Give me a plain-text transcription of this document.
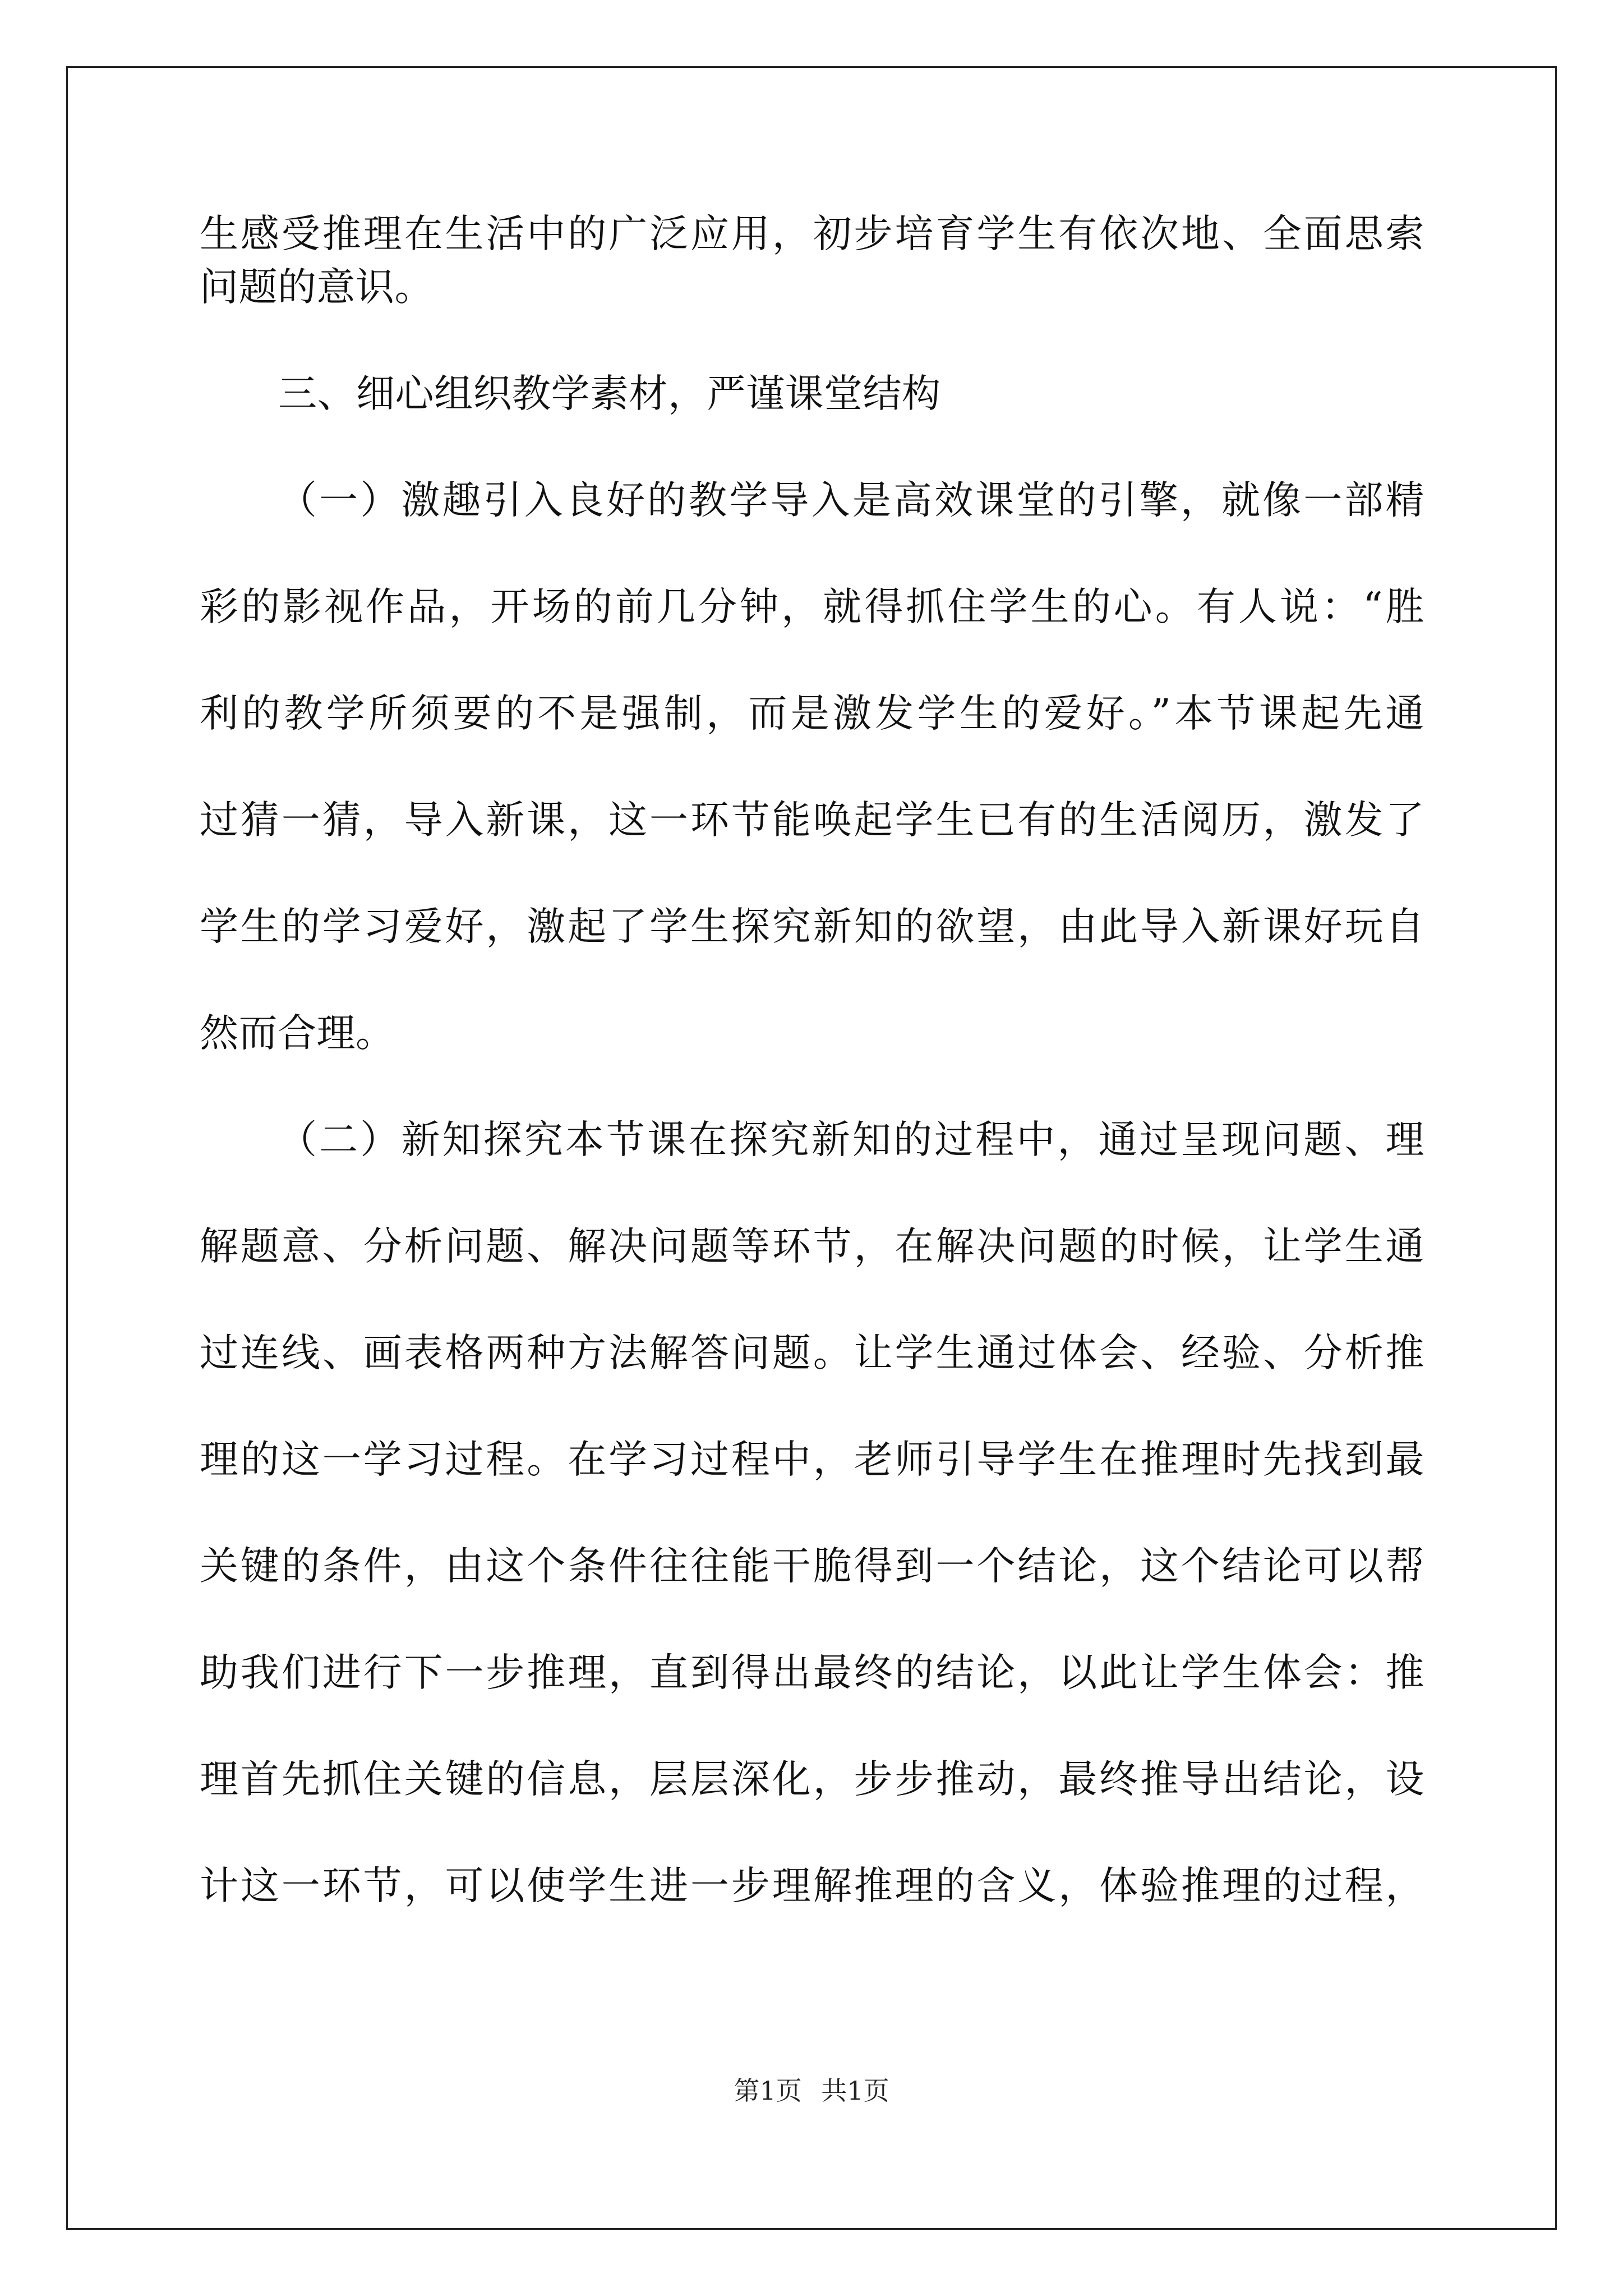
生感受推理在生活中的广泛应用，初步培育学生有依次地、全面思索
问题的意识。
三、细心组织教学素材，严谨课堂结构
（一）激趣引入良好的教学导入是高效课堂的引擎，就像一部精
彩的影视作品，开场的前几分钟，就得抓住学生的心。有人说：“胜
利的教学所须要的不是强制，而是激发学生的爱好。”本节课起先通
过猜一猜，导入新课，这一环节能唤起学生已有的生活阅历，激发了
学生的学习爱好，激起了学生探究新知的欲望，由此导入新课好玩自
然而合理。
（二）新知探究本节课在探究新知的过程中，通过呈现问题、理
解题意、分析问题、解决问题等环节，在解决问题的时候，让学生通
过连线、画表格两种方法解答问题。让学生通过体会、经验、分析推
理的这一学习过程。在学习过程中，老师引导学生在推理时先找到最
关键的条件，由这个条件往往能干脆得到一个结论，这个结论可以帮
助我们进行下一步推理，直到得出最终的结论，以此让学生体会：推
理首先抓住关键的信息，层层深化，步步推动，最终推导出结论，设
计这一环节，可以使学生进一步理解推理的含义，体验推理的过程，
第1页 共1页
